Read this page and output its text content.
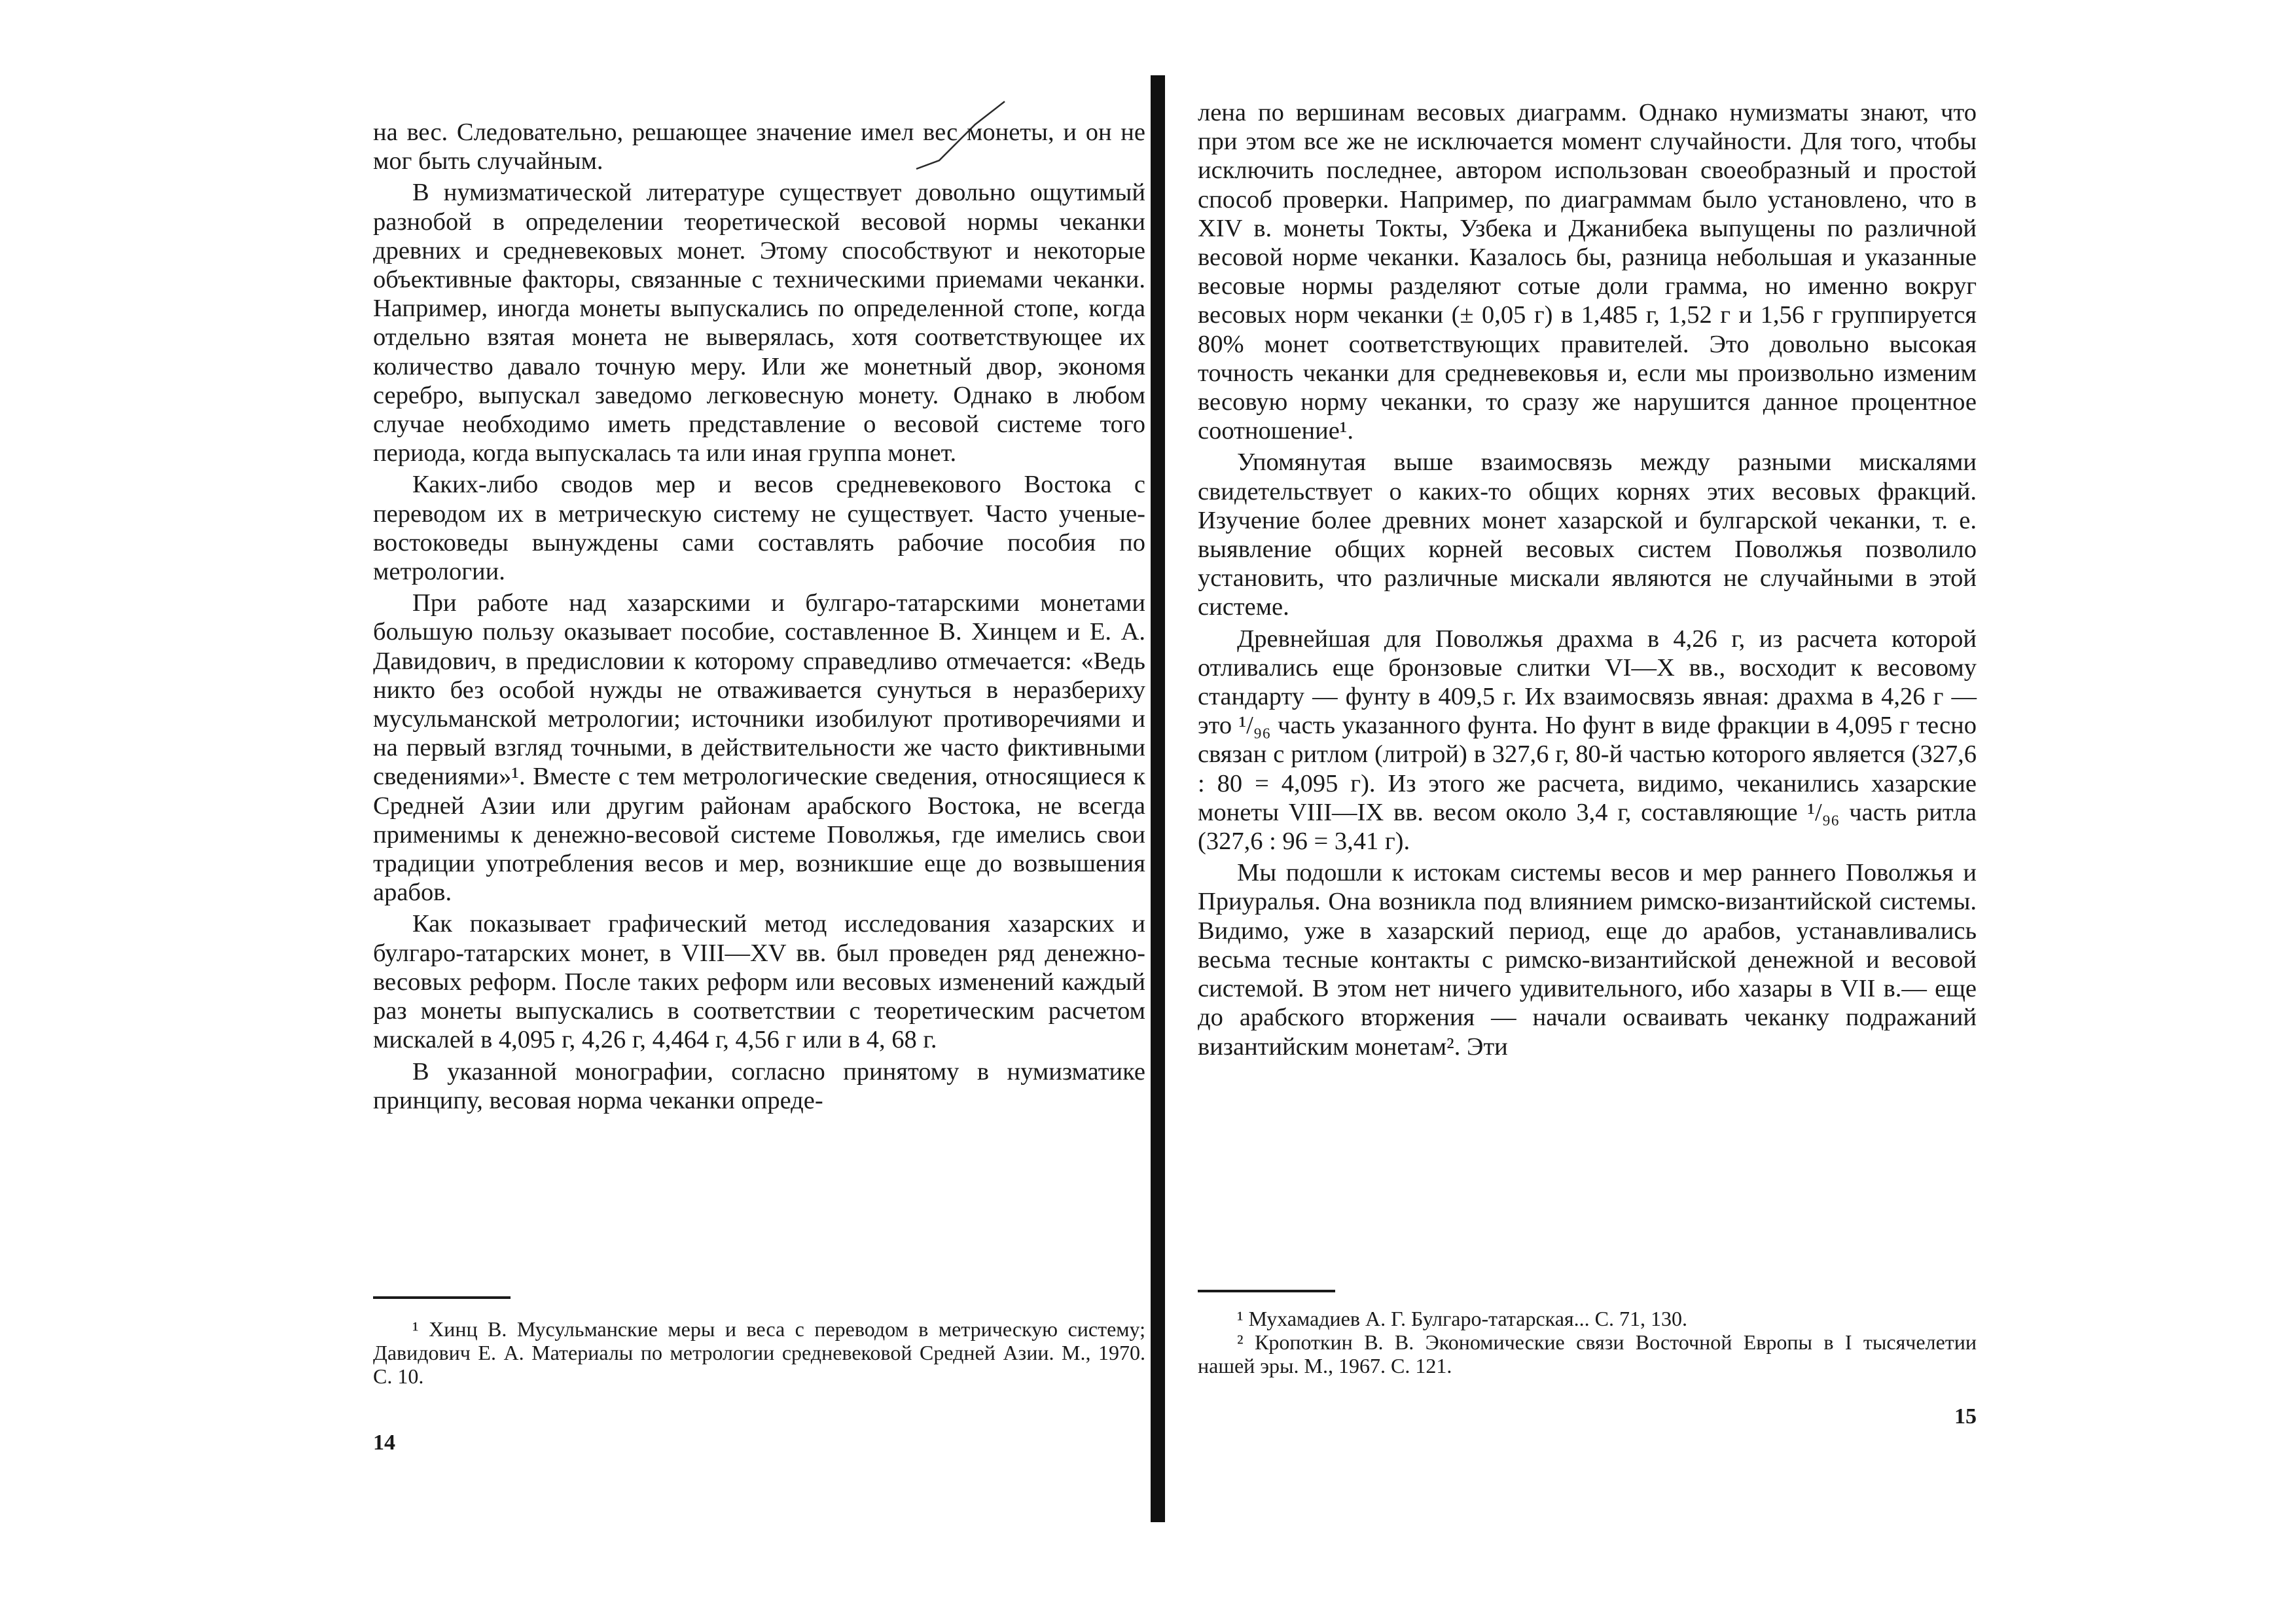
на вес. Следовательно, решающее значение имел вес монеты, и он не мог быть случайным.

В нумизматической литературе существует довольно ощутимый разнобой в определении теоретической весовой нормы чеканки древних и средневековых монет. Этому способствуют и некоторые объективные факторы, связанные с техническими приемами чеканки. Например, иногда монеты выпускались по определенной стопе, когда отдельно взятая монета не выверялась, хотя соответствующее их количество давало точную меру. Или же монетный двор, экономя серебро, выпускал заведомо легковесную монету. Однако в любом случае необходимо иметь представление о весовой системе того периода, когда выпускалась та или иная группа монет.

Каких-либо сводов мер и весов средневекового Востока с переводом их в метрическую систему не существует. Часто ученые-востоковеды вынуждены сами составлять рабочие пособия по метрологии.

При работе над хазарскими и булгаро-татарскими монетами большую пользу оказывает пособие, составленное В. Хинцем и Е. А. Давидович, в предисловии к которому справедливо отмечается: «Ведь никто без особой нужды не отваживается сунуться в неразбериху мусульманской метрологии; источники изобилуют противоречиями и на первый взгляд точными, в действительности же часто фиктивными сведениями»¹. Вместе с тем метрологические сведения, относящиеся к Средней Азии или другим районам арабского Востока, не всегда применимы к денежно-весовой системе Поволжья, где имелись свои традиции употребления весов и мер, возникшие еще до возвышения арабов.

Как показывает графический метод исследования хазарских и булгаро-татарских монет, в VIII—XV вв. был проведен ряд денежно-весовых реформ. После таких реформ или весовых изменений каждый раз монеты выпускались в соответствии с теоретическим расчетом мискалей в 4,095 г, 4,26 г, 4,464 г, 4,56 г или в 4, 68 г.

В указанной монографии, согласно принятому в нумизматике принципу, весовая норма чеканки опреде-

¹ Хинц В. Мусульманские меры и веса с переводом в метрическую систему; Давидович Е. А. Материалы по метрологии средневековой Средней Азии. М., 1970. С. 10.

14

лена по вершинам весовых диаграмм. Однако нумизматы знают, что при этом все же не исключается момент случайности. Для того, чтобы исключить последнее, автором использован своеобразный и простой способ проверки. Например, по диаграммам было установлено, что в XIV в. монеты Токты, Узбека и Джанибека выпущены по различной весовой норме чеканки. Казалось бы, разница небольшая и указанные весовые нормы разделяют сотые доли грамма, но именно вокруг весовых норм чеканки (± 0,05 г) в 1,485 г, 1,52 г и 1,56 г группируется 80% монет соответствующих правителей. Это довольно высокая точность чеканки для средневековья и, если мы произвольно изменим весовую норму чеканки, то сразу же нарушится данное процентное соотношение¹.

Упомянутая выше взаимосвязь между разными мискалями свидетельствует о каких-то общих корнях этих весовых фракций. Изучение более древних монет хазарской и булгарской чеканки, т. е. выявление общих корней весовых систем Поволжья позволило установить, что различные мискали являются не случайными в этой системе.

Древнейшая для Поволжья драхма в 4,26 г, из расчета которой отливались еще бронзовые слитки VI—X вв., восходит к весовому стандарту — фунту в 409,5 г. Их взаимосвязь явная: драхма в 4,26 г — это ¹/₉₆ часть указанного фунта. Но фунт в виде фракции в 4,095 г тесно связан с ритлом (литрой) в 327,6 г, 80-й частью которого является (327,6 : 80 = 4,095 г). Из этого же расчета, видимо, чеканились хазарские монеты VIII—IX вв. весом около 3,4 г, составляющие ¹/₉₆ часть ритла (327,6 : 96 = 3,41 г).

Мы подошли к истокам системы весов и мер раннего Поволжья и Приуралья. Она возникла под влиянием римско-византийской системы. Видимо, уже в хазарский период, еще до арабов, устанавливались весьма тесные контакты с римско-византийской денежной и весовой системой. В этом нет ничего удивительного, ибо хазары в VII в.— еще до арабского вторжения — начали осваивать чеканку подражаний византийским монетам². Эти

¹ Мухамадиев А. Г. Булгаро-татарская... С. 71, 130.

² Кропоткин В. В. Экономические связи Восточной Европы в I тысячелетии нашей эры. М., 1967. С. 121.

15
